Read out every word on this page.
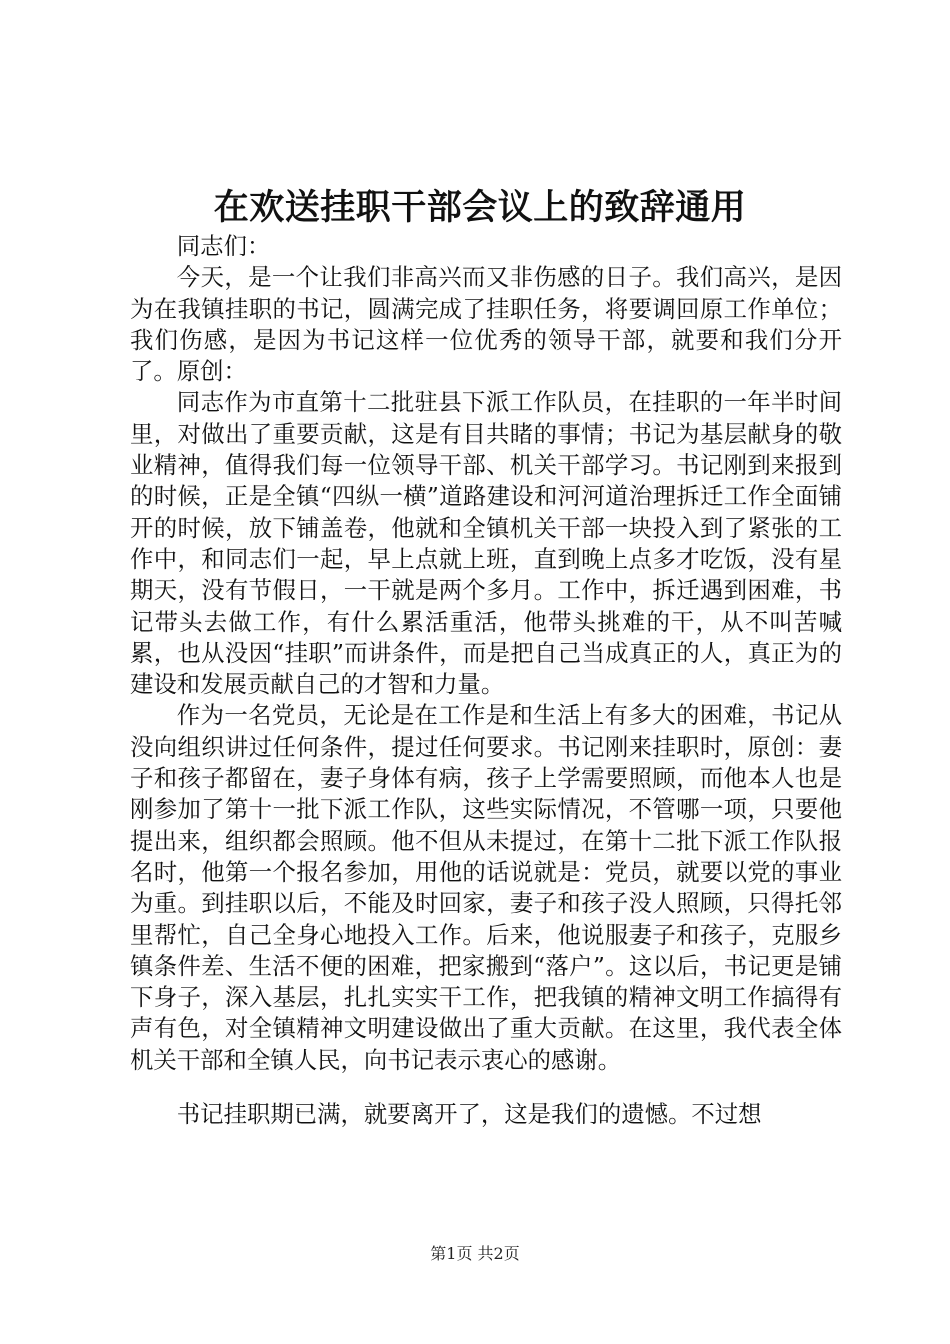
在欢送挂职干部会议上的致辞通用

同志们：

今天，是一个让我们非高兴而又非伤感的日子。我们高兴，是因为在我镇挂职的书记，圆满完成了挂职任务，将要调回原工作单位；我们伤感，是因为书记这样一位优秀的领导干部，就要和我们分开了。原创：

同志作为市直第十二批驻县下派工作队员，在挂职的一年半时间里，对做出了重要贡献，这是有目共睹的事情；书记为基层献身的敬业精神，值得我们每一位领导干部、机关干部学习。书记刚到来报到的时候，正是全镇“四纵一横”道路建设和河河道治理拆迁工作全面铺开的时候，放下铺盖卷，他就和全镇机关干部一块投入到了紧张的工作中，和同志们一起，早上点就上班，直到晚上点多才吃饭，没有星期天，没有节假日，一干就是两个多月。工作中，拆迁遇到困难，书记带头去做工作，有什么累活重活，他带头挑难的干，从不叫苦喊累，也从没因“挂职”而讲条件，而是把自己当成真正的人，真正为的建设和发展贡献自己的才智和力量。

作为一名党员，无论是在工作是和生活上有多大的困难，书记从没向组织讲过任何条件，提过任何要求。书记刚来挂职时，原创：妻子和孩子都留在，妻子身体有病，孩子上学需要照顾，而他本人也是刚参加了第十一批下派工作队，这些实际情况，不管哪一项，只要他提出来，组织都会照顾。他不但从未提过，在第十二批下派工作队报名时，他第一个报名参加，用他的话说就是：党员，就要以党的事业为重。到挂职以后，不能及时回家，妻子和孩子没人照顾，只得托邻里帮忙，自己全身心地投入工作。后来，他说服妻子和孩子，克服乡镇条件差、生活不便的困难，把家搬到“落户”。这以后，书记更是铺下身子，深入基层，扎扎实实干工作，把我镇的精神文明工作搞得有声有色，对全镇精神文明建设做出了重大贡献。在这里，我代表全体机关干部和全镇人民，向书记表示衷心的感谢。

书记挂职期已满，就要离开了，这是我们的遗憾。不过想

第1页 共2页
